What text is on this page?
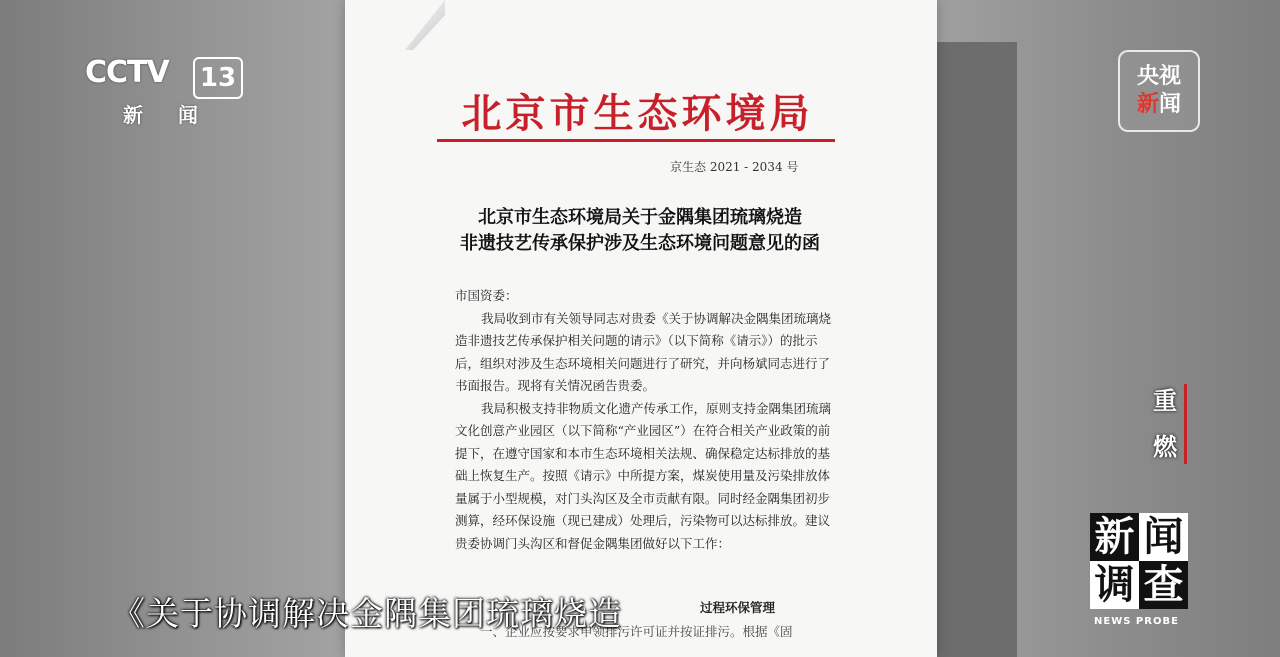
北京市生态环境局
京生态 2021 - 2034 号
北京市生态环境局关于金隅集团琉璃烧造
非遗技艺传承保护涉及生态环境问题意见的函

市国资委：

我局收到市有关领导同志对贵委《关于协调解决金隅集团琉璃烧造非遗技艺传承保护相关问题的请示》（以下简称《请示》）的批示后，组织对涉及生态环境相关问题进行了研究，并向杨斌同志进行了书面报告。现将有关情况函告贵委。

我局积极支持非物质文化遗产传承工作，原则支持金隅集团琉璃文化创意产业园区（以下简称“产业园区”）在符合相关产业政策的前提下，在遵守国家和本市生态环境相关法规、确保稳定达标排放的基础上恢复生产。按照《请示》中所提方案，煤炭使用量及污染排放体量属于小型规模，对门头沟区及全市贡献有限。同时经金隅集团初步测算，经环保设施（现已建成）处理后，污染物可以达标排放。建议贵委协调门头沟区和督促金隅集团做好以下工作：

过程环保管理
一、企业应按要求申领排污许可证并按证排污。根据《固
CCTV 13
新 闻
央视
新闻
重
燃
新 闻
调 查
NEWS PROBE
《关于协调解决金隅集团琉璃烧造
